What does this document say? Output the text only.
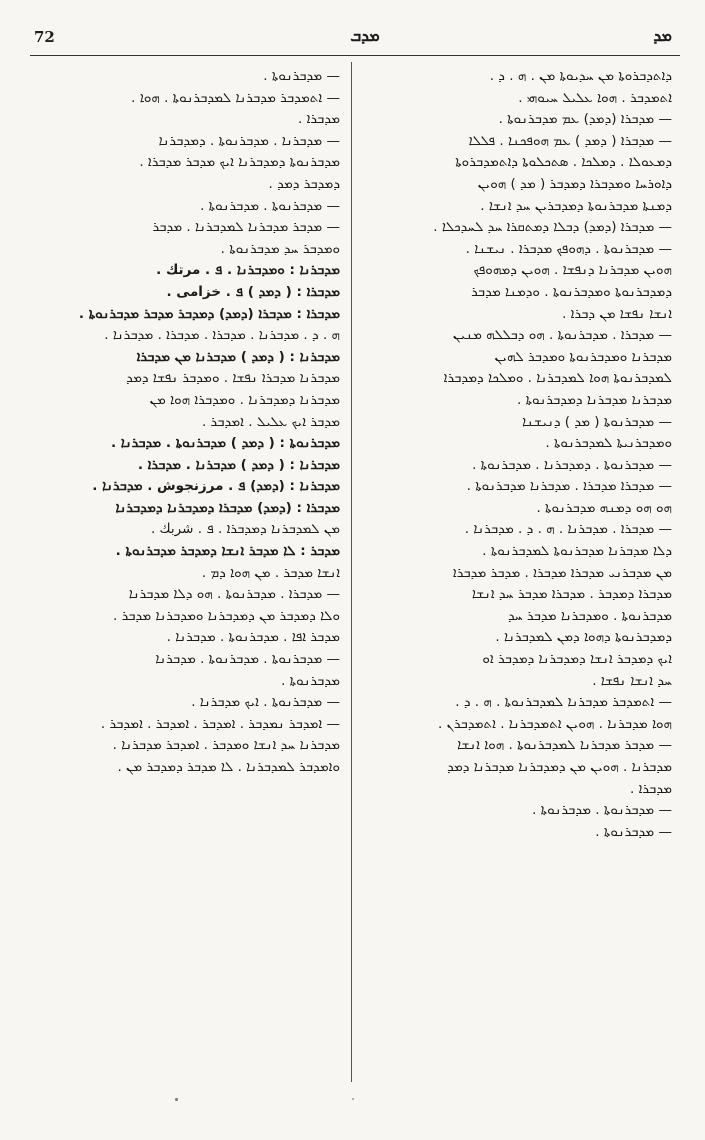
72	ܡܕܒ	ܡܕ
ܕܐܬܕܒܪܘܬܐ ܡܢ ܚܕܝܘܬܐ ܡܢ . ܗ . ܕ .
ܐܬܡܕܒܪ . ܗܘܐ ܥܠܝܠ ܚܝܘܗܝ .
— ܡܕܒܪܐ (ܕܡܕ) ܥܡ ܡܕܒܪܢܘܬܐ .
— ܡܕܒܪܐ ( ܕܡܕ ) ܥܡ ܗܘܦܟܢܐ . ܦܠܠܐ
ܕܡܥܘܠܐ . ܕܡܠܟܐ . ܣܬܟܠܘܬܐ ܕܐܬܡܕܒܪܘܬܐ
ܕܐܘܪܚܐ ܘܡܕܒܪܐ ܕܡܕܒܪ ( ܡܕ ) ܗܘܝܢ
ܕܡܢܬܐ ܡܕܒܪܢܘܬܐ ܕܡܕܒܪܝܢ ܚܕ ܐܢܫܐ .
— ܡܕܒܪܐ (ܕܡܕ) ܕܒܠܐ ܕܡܬܩܪܐ ܚܕ ܠܚܕܟܠܐ .
— ܡܕܒܪܢܘܬܐ . ܕܗܘܦܟ ܡܕܒܪܐ . ܢܝܫܢܐ .
ܗܘܝܢ ܡܕܒܪܢܐ ܕܢܦܫܐ . ܗܘܝܢ ܕܡܗܘܦܟ
ܕܡܕܒܪܢܘܬܐ ܘܡܕܒܪܢܘܬܐ . ܘܕܡܢܐ ܡܕܒܪ
ܐܢܫܐ ܢܦܫܐ ܡܢ ܕܒܪܐ .
— ܡܕܒܪܐ . ܡܕܒܪܢܘܬܐ . ܗܘ ܕܒܠܠܗ ܡܢܝܢ
ܡܕܒܪܢܐ ܘܡܕܒܪܢܘܬܐ ܘܡܕܒܪ ܠܗܝܢ
ܠܡܕܒܪܢܘܬܐ ܗܘܐ ܠܡܕܒܪܢܐ . ܘܡܠܟܐ ܕܡܕܒܪܐ
ܡܕܒܪܢܐ ܡܕܒܪܢܐ ܕܡܕܒܪܢܘܬܐ .
— ܡܕܒܪܢܘܬܐ ( ܡܕ ) ܕܢܝܫܢܐ
ܘܡܕܒܪܢܝܬܐ ܠܡܕܒܪܢܘܬܐ .
— ܡܕܒܪܢܘܬܐ . ܕܡܕܒܪܢܐ . ܡܕܒܪܢܘܬܐ .
— ܡܕܒܪܐ ܡܕܒܪܐ . ܡܕܒܪܢܐ ܡܕܒܪܢܘܬܐ .
ܗܘ ܗܘ ܕܡܢܗ ܡܕܒܪܢܘܬܐ .
— ܡܕܒܪܐ . ܡܕܒܪܢܐ . ܗ . ܕ . ܡܕܒܪܢܐ .
ܕܠܐ ܡܕܒܪܢܐ ܡܕܒܪܢܘܬܐ ܠܡܕܒܪܢܘܬܐ .
ܡܢ ܡܕܒܪܢܝ ܡܕܒܪܐ ܡܕܒܪܐ . ܡܕܒܪ ܡܕܒܪܐ
ܡܕܒܪܐ ܕܡܕܒܪ . ܡܕܒܪܐ ܡܕܒܪ ܚܕ ܐܢܫܐ
ܡܕܒܪܢܘܬܐ . ܘܡܕܒܪܢܐ ܡܕܒܪ ܚܕ
ܕܡܕܒܪܢܘܬܐ ܕܗܘܐ ܕܡܢ ܠܡܕܒܪܢܐ .
ܐܝܟ ܕܡܕܒܪ ܐܢܫܐ ܕܡܕܒܪܢܐ ܕܡܕܒܪ ܐܘ
ܚܕ ܐܢܫܐ ܢܦܫܐ .
— ܐܬܡܕܒܪ ܡܕܒܪܢܐ ܠܡܕܒܪܢܘܬܐ . ܗ . ܕ .
ܗܘܐ ܡܕܒܪܢܐ . ܗܘܝܢ ܐܬܡܕܒܪܢܐ . ܐܬܡܕܒܪܢ .
— ܡܕܒܪ ܡܕܒܪܢܐ ܠܡܕܒܪܢܘܬܐ . ܗܘܐ ܐܢܫܐ
ܡܕܒܪܢܐ . ܗܘܝܢ ܡܢ ܕܡܕܒܪܢܐ ܡܕܒܪܢܐ ܕܡܕ
ܡܕܒܪܐ .
— ܡܕܒܪܢܘܬܐ . ܡܕܒܪܢܘܬܐ .
— ܡܕܒܪܢܘܬܐ .
— ܡܕܒܪܢܘܬܐ .
— ܐܬܡܕܒܪ ܡܕܒܪܢܐ ܠܡܕܒܪܢܘܬܐ . ܗܘܐ .
ܡܕܒܪܐ .
— ܡܕܒܪܢܐ . ܡܕܒܪܢܘܬܐ . ܕܡܕܒܪܢܐ
ܡܕܒܪܢܘܬܐ ܕܡܕܒܪܢܐ ܐܝܟ ܡܕܒܪ ܡܕܒܪܐ .
ܕܡܕܒܪ ܕܡܕ .
— ܡܕܒܪܢܘܬܐ . ܡܕܒܪܢܘܬܐ .
— ܡܕܒܪ ܡܕܒܪܢܐ ܠܡܕܒܪܢܐ . ܡܕܒܪ
ܘܡܕܒܪ ܚܕ ܡܕܒܪܢܘܬܐ .
ܡܕܒܪܢܐ : ܘܡܕܒܪܢܐ . ܦ . مرتك .
ܡܕܒܪܐ : ( ܕܡܕ ) ܦ . خزامى .
ܡܕܒܪܐ : ܡܕܒܪܐ (ܕܡܕ) ܕܡܕܒܪ ܡܕܒܪ ܡܕܒܪܢܘܬܐ .
ܗ . ܕ . ܡܕܒܪܢܐ . ܡܕܒܪܐ . ܡܕܒܪܐ . ܡܕܒܪܢܐ .
ܡܕܒܪܢܐ : ( ܕܡܕ ) ܡܕܒܪܢܐ ܡܢ ܡܕܒܪܐ
ܡܕܒܪܢܐ ܡܕܒܪܐ ܢܦܫܐ . ܘܡܕܒܪ ܢܦܫܐ ܕܡܕ
ܡܕܒܪܢܐ ܕܡܕܒܪܢܐ . ܘܡܕܒܪܐ ܗܘܐ ܡܢ
ܡܕܒܪ ܐܝܟ ܥܠܝܠ . ܐܡܕܒܪ .
ܡܕܒܪܢܘܬܐ : ( ܕܡܕ ) ܡܕܒܪܢܘܬܐ . ܡܕܒܪܢܐ .
ܡܕܒܪܢܐ : ( ܕܡܕ ) ܡܕܒܪܢܐ . ܡܕܒܪܐ .
ܡܕܒܪܢܐ : (ܕܡܕ) ܦ . مرزنجوش . ܡܕܒܪܢܐ .
ܡܕܒܪܐ : (ܕܡܕ) ܡܕܒܪܐ ܕܡܕܒܪܢܐ ܕܡܕܒܪܢܐ
ܡܢ ܠܡܕܒܪܢܐ ܕܡܕܒܪܐ . ܦ . شربك .
ܡܕܒܪ : ܠܐ ܡܕܒܪ ܐܢܫܐ ܕܡܕܒܪ ܡܕܒܪܢܘܬܐ .
ܐܢܫܐ ܡܕܒܪ . ܡܢ ܗܘܐ ܕܡ .
— ܡܕܒܪܐ . ܡܕܒܪܢܘܬܐ . ܗܘ ܕܠܐ ܡܕܒܪܢܐ
ܘܠܐ ܕܡܕܒܪ ܡܢ ܕܡܕܒܪܢܐ ܘܡܕܒܪܢܐ ܡܕܒܪ .
ܡܕܒܪ ܐܦܐ . ܡܕܒܪܢܘܬܐ . ܡܕܒܪܢܐ .
— ܡܕܒܪܢܘܬܐ . ܡܕܒܪܢܘܬܐ . ܡܕܒܪܢܐ
ܡܕܒܪܢܘܬܐ .
— ܡܕܒܪܢܘܬܐ . ܐܝܟ ܡܕܒܪܢܐ .
— ܐܡܕܒܪ ܢܡܕܒܪ . ܐܡܕܒܪ . ܐܡܕܒܪ . ܐܡܕܒܪ .
ܡܕܒܪܢܐ ܚܕ ܐܢܫܐ ܘܡܕܒܪ . ܐܡܕܒܪ ܡܕܒܪܢܐ .
ܘܐܡܕܒܪ ܠܡܕܒܪܢܐ . ܠܐ ܡܕܒܪ ܕܡܕܒܪ ܡܢ .
